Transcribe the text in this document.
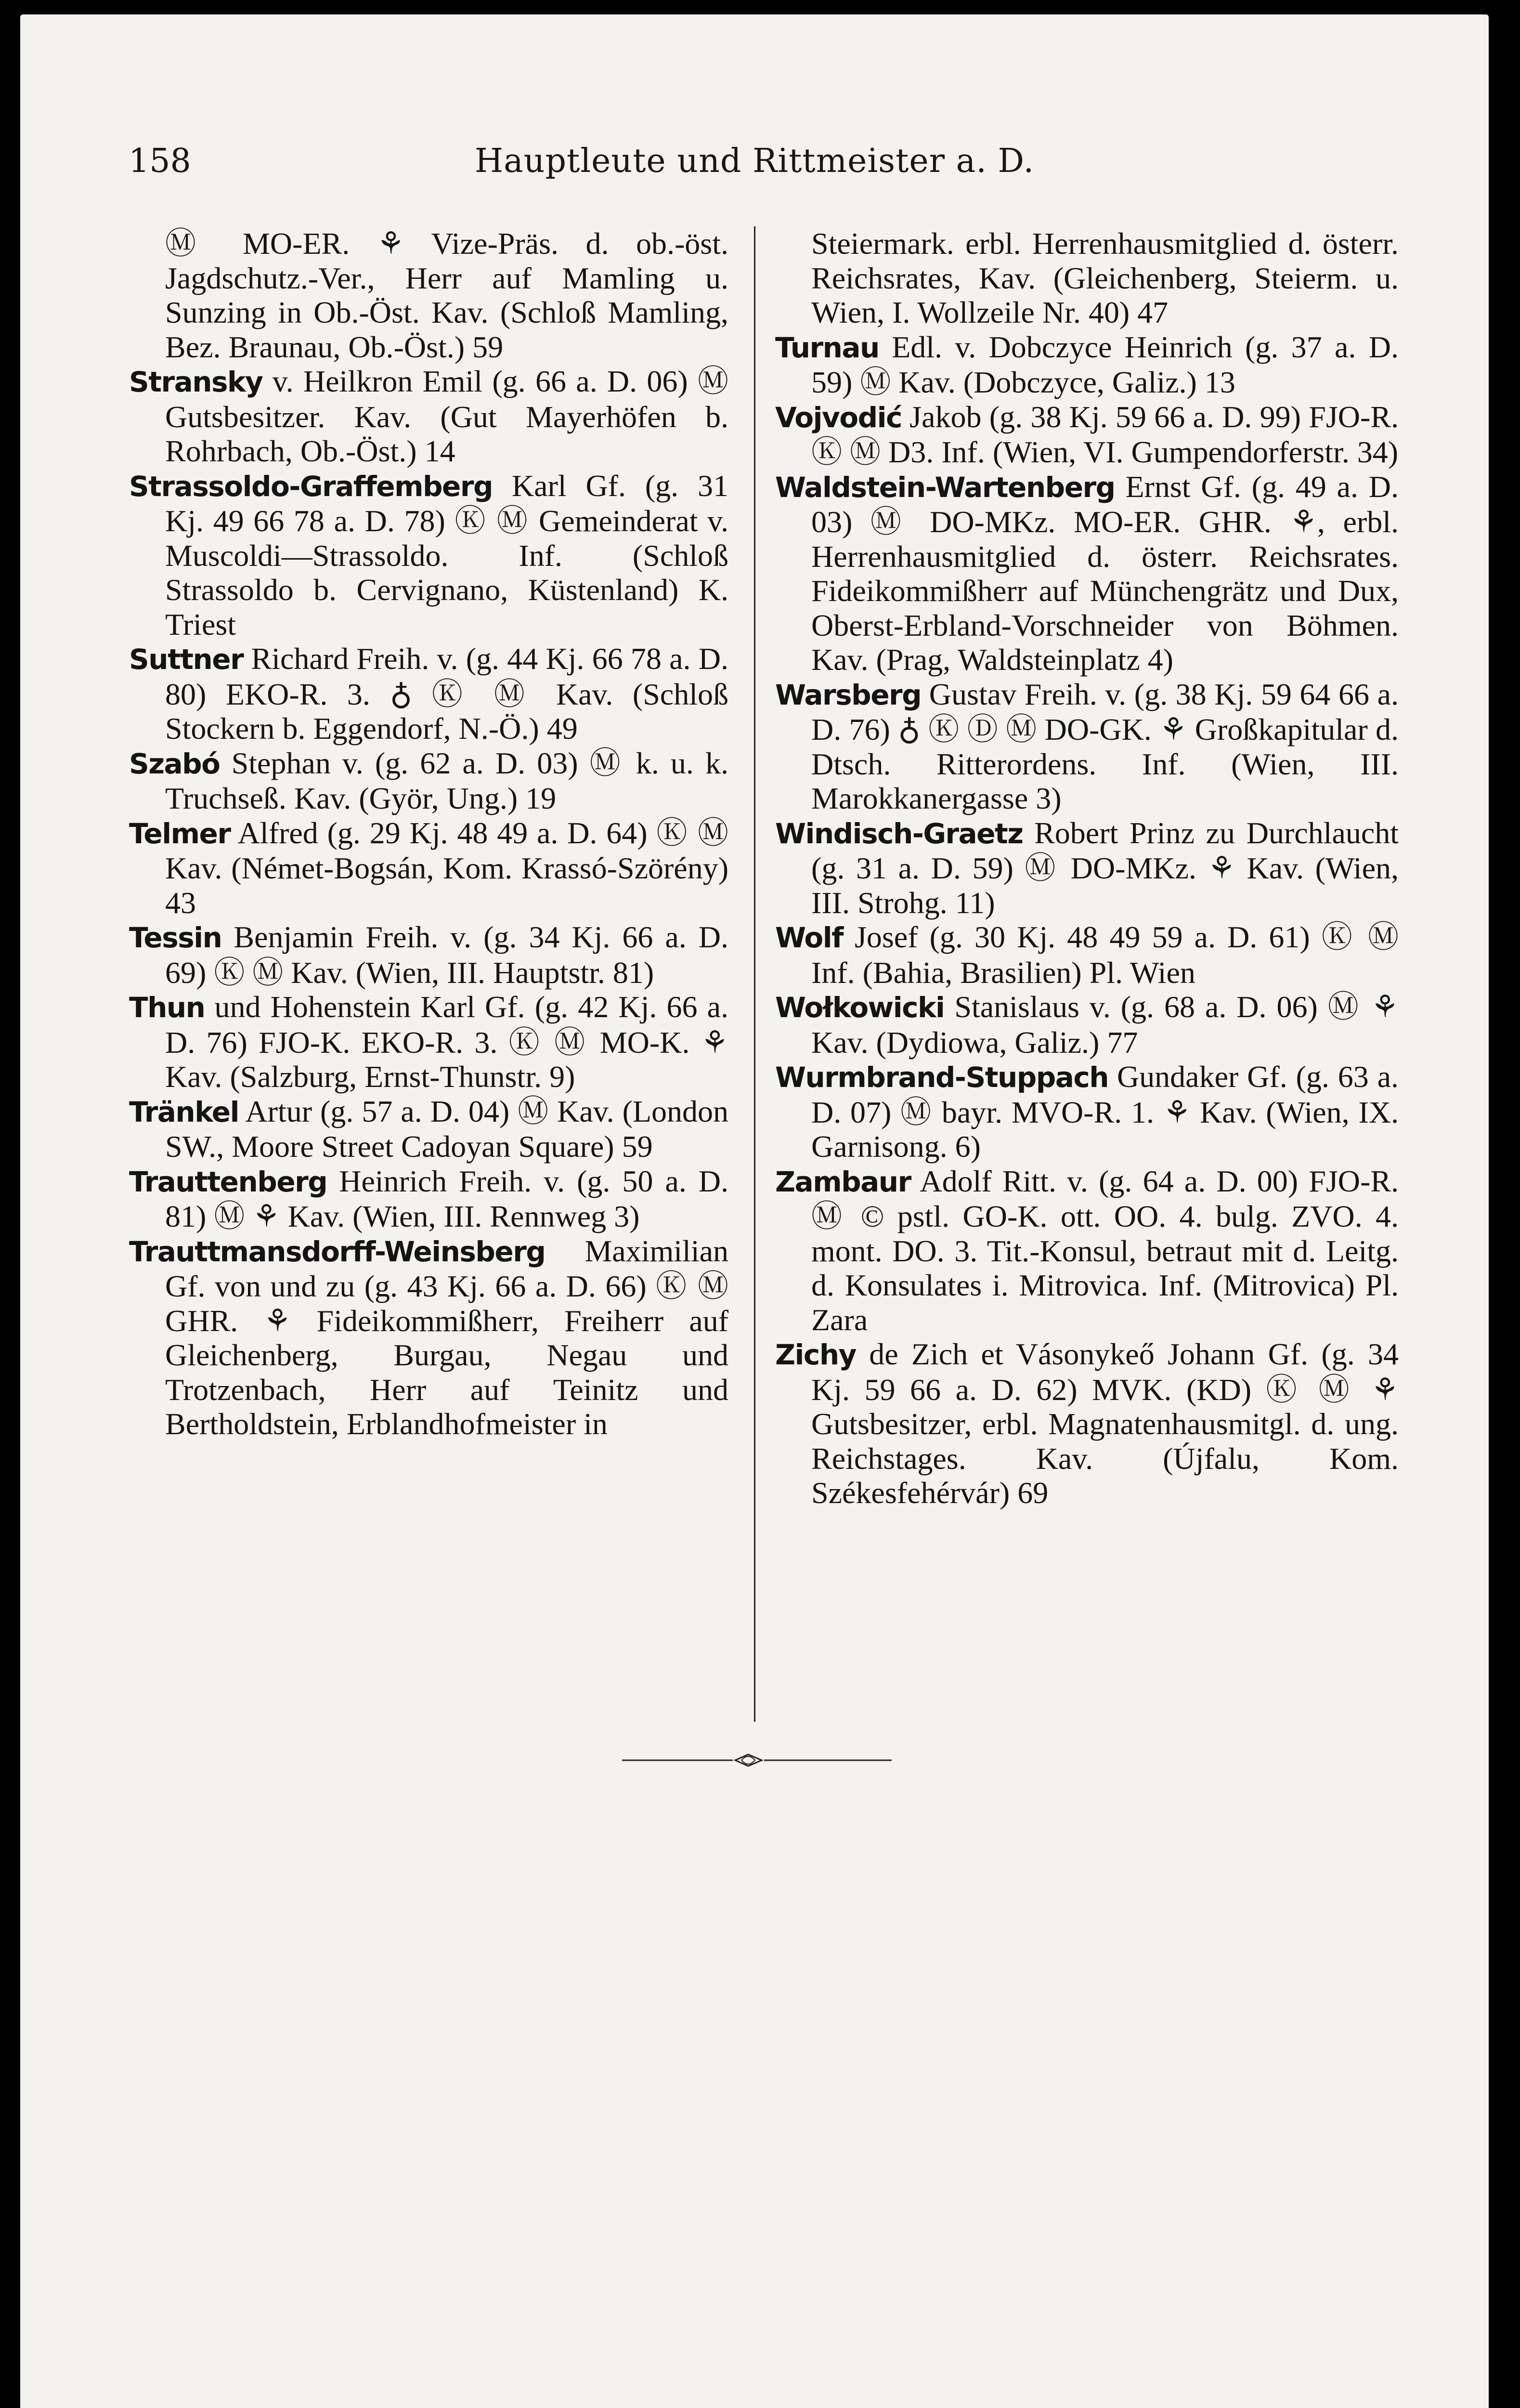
158	Hauptleute und Rittmeister a. D.
Ⓜ MO-ER. ⚘ Vize-Präs. d. ob.-öst. Jagdschutz.-Ver., Herr auf Mamling u. Sunzing in Ob.-Öst. Kav. (Schloß Mamling, Bez. Braunau, Ob.-Öst.) 59
Stransky v. Heilkron Emil (g. 66 a. D. 06) Ⓜ Gutsbesitzer. Kav. (Gut Mayerhöfen b. Rohrbach, Ob.-Öst.) 14
Strassoldo-Graffemberg Karl Gf. (g. 31 Kj. 49 66 78 a. D. 78) Ⓚ Ⓜ Gemeinderat v. Muscoldi—Strassoldo. Inf. (Schloß Strassoldo b. Cervignano, Küstenland) K. Triest
Suttner Richard Freih. v. (g. 44 Kj. 66 78 a. D. 80) EKO-R. 3. ♁ Ⓚ Ⓜ Kav. (Schloß Stockern b. Eggendorf, N.-Ö.) 49
Szabó Stephan v. (g. 62 a. D. 03) Ⓜ k. u. k. Truchseß. Kav. (Györ, Ung.) 19
Telmer Alfred (g. 29 Kj. 48 49 a. D. 64) Ⓚ Ⓜ Kav. (Német-Bogsán, Kom. Krassó-Szörény) 43
Tessin Benjamin Freih. v. (g. 34 Kj. 66 a. D. 69) Ⓚ Ⓜ Kav. (Wien, III. Hauptstr. 81)
Thun und Hohenstein Karl Gf. (g. 42 Kj. 66 a. D. 76) FJO-K. EKO-R. 3. Ⓚ Ⓜ MO-K. ⚘ Kav. (Salzburg, Ernst-Thunstr. 9)
Tränkel Artur (g. 57 a. D. 04) Ⓜ Kav. (London SW., Moore Street Cadoyan Square) 59
Trauttenberg Heinrich Freih. v. (g. 50 a. D. 81) Ⓜ ⚘ Kav. (Wien, III. Rennweg 3)
Trauttmansdorff-Weinsberg Maximilian Gf. von und zu (g. 43 Kj. 66 a. D. 66) Ⓚ Ⓜ GHR. ⚘ Fideikommißherr, Freiherr auf Gleichenberg, Burgau, Negau und Trotzenbach, Herr auf Teinitz und Bertholdstein, Erblandhofmeister in
Steiermark. erbl. Herrenhausmitglied d. österr. Reichsrates, Kav. (Gleichenberg, Steierm. u. Wien, I. Wollzeile Nr. 40) 47
Turnau Edl. v. Dobczyce Heinrich (g. 37 a. D. 59) Ⓜ Kav. (Dobczyce, Galiz.) 13
Vojvodić Jakob (g. 38 Kj. 59 66 a. D. 99) FJO-R. Ⓚ Ⓜ D3. Inf. (Wien, VI. Gumpendorferstr. 34)
Waldstein-Wartenberg Ernst Gf. (g. 49 a. D. 03) Ⓜ DO-MKz. MO-ER. GHR. ⚘, erbl. Herrenhausmitglied d. österr. Reichsrates. Fideikommißherr auf Münchengrätz und Dux, Oberst-Erbland-Vorschneider von Böhmen. Kav. (Prag, Waldsteinplatz 4)
Warsberg Gustav Freih. v. (g. 38 Kj. 59 64 66 a. D. 76) ♁ Ⓚ Ⓓ Ⓜ DO-GK. ⚘ Großkapitular d. Dtsch. Ritterordens. Inf. (Wien, III. Marokkanergasse 3)
Windisch-Graetz Robert Prinz zu Durchlaucht (g. 31 a. D. 59) Ⓜ DO-MKz. ⚘ Kav. (Wien, III. Strohg. 11)
Wolf Josef (g. 30 Kj. 48 49 59 a. D. 61) Ⓚ Ⓜ Inf. (Bahia, Brasilien) Pl. Wien
Wołkowicki Stanislaus v. (g. 68 a. D. 06) Ⓜ ⚘ Kav. (Dydiowa, Galiz.) 77
Wurmbrand-Stuppach Gundaker Gf. (g. 63 a. D. 07) Ⓜ bayr. MVO-R. 1. ⚘ Kav. (Wien, IX. Garnisong. 6)
Zambaur Adolf Ritt. v. (g. 64 a. D. 00) FJO-R. Ⓜ © pstl. GO-K. ott. OO. 4. bulg. ZVO. 4. mont. DO. 3. Tit.-Konsul, betraut mit d. Leitg. d. Konsulates i. Mitrovica. Inf. (Mitrovica) Pl. Zara
Zichy de Zich et Vásonykeő Johann Gf. (g. 34 Kj. 59 66 a. D. 62) MVK. (KD) Ⓚ Ⓜ ⚘ Gutsbesitzer, erbl. Magnatenhausmitgl. d. ung. Reichstages. Kav. (Újfalu, Kom. Székesfehérvár) 69
